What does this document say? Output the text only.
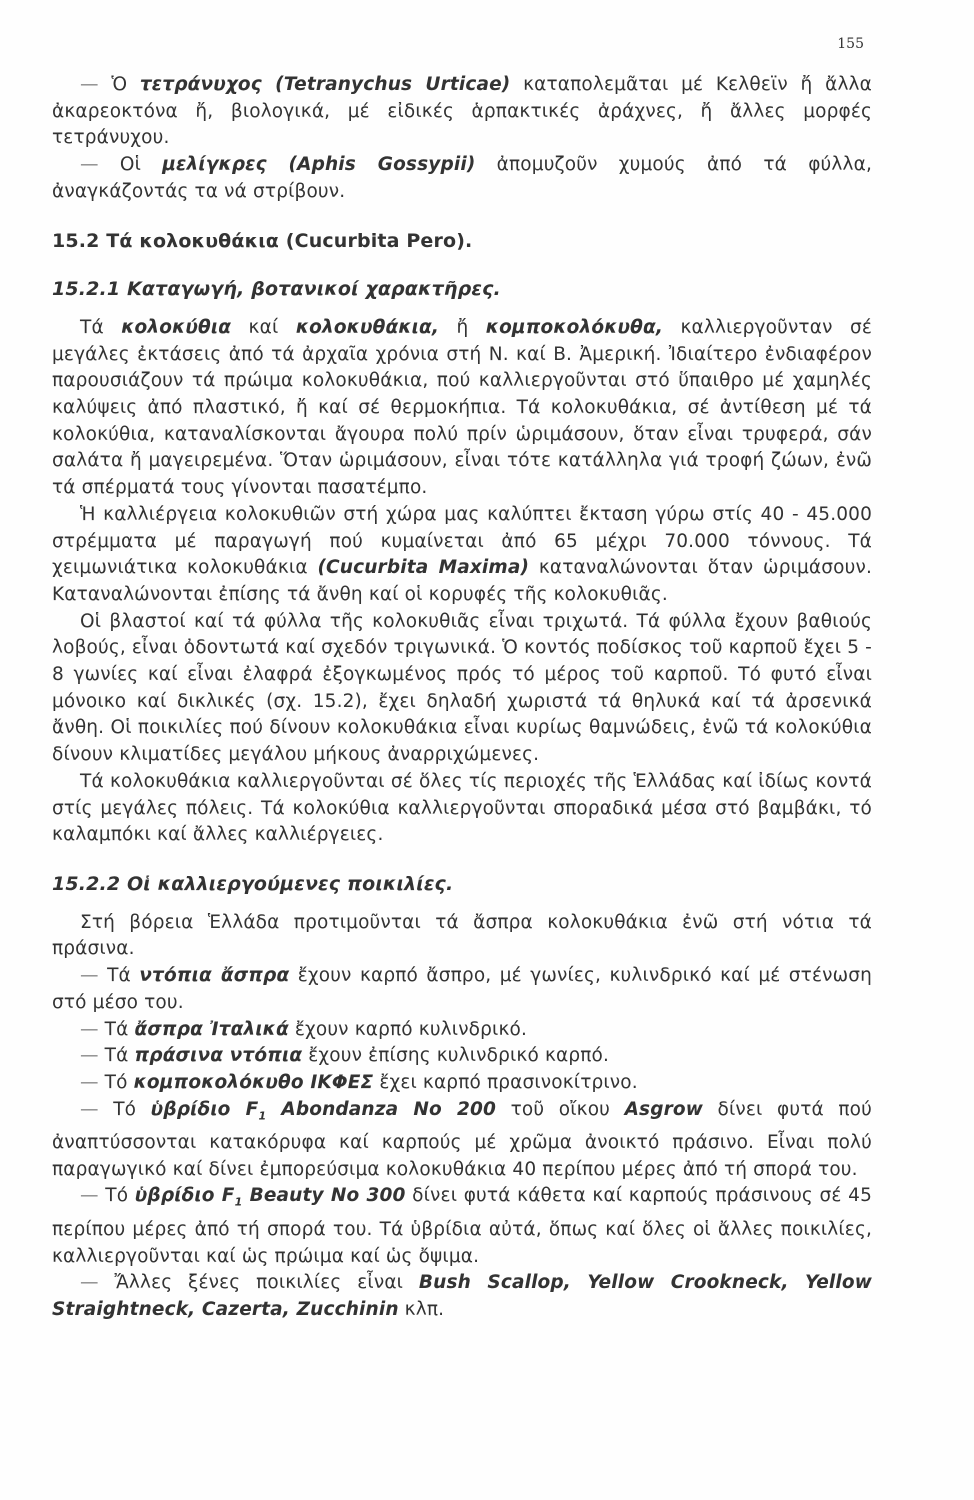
155

— Ὁ τετράνυχος (Tetranychus Urticae) καταπολεμᾶται μέ Κελθεϊν ἤ ἄλλα ἀκαρεοκτόνα ἤ, βιολογικά, μέ εἰδικές ἁρπακτικές ἀράχνες, ἤ ἄλλες μορφές τετράνυχου.

— Οἱ μελίγκρες (Aphis Gossypii) ἀπομυζοῦν χυμούς ἀπό τά φύλλα, ἀναγκάζοντάς τα νά στρίβουν.

15.2 Τά κολοκυθάκια (Cucurbita Pero).

15.2.1 Καταγωγή, βοτανικοί χαρακτῆρες.

Τά κολοκύθια καί κολοκυθάκια, ἤ κομποκολόκυθα, καλλιεργοῦνταν σέ μεγάλες ἐκτάσεις ἀπό τά ἀρχαῖα χρόνια στή Ν. καί Β. Ἀμερική. Ἰδιαίτερο ἐνδιαφέρον παρουσιάζουν τά πρώιμα κολοκυθάκια, πού καλλιεργοῦνται στό ὕπαιθρο μέ χαμηλές καλύψεις ἀπό πλαστικό, ἤ καί σέ θερμοκήπια. Τά κολοκυθάκια, σέ ἀντίθεση μέ τά κολοκύθια, καταναλίσκονται ἄγουρα πολύ πρίν ὡριμάσουν, ὅταν εἶναι τρυφερά, σάν σαλάτα ἤ μαγειρεμένα. Ὅταν ὡριμάσουν, εἶναι τότε κατάλληλα γιά τροφή ζώων, ἐνῶ τά σπέρματά τους γίνονται πασατέμπο.

Ἡ καλλιέργεια κολοκυθιῶν στή χώρα μας καλύπτει ἔκταση γύρω στίς 40 - 45.000 στρέμματα μέ παραγωγή πού κυμαίνεται ἀπό 65 μέχρι 70.000 τόννους. Τά χειμωνιάτικα κολοκυθάκια (Cucurbita Maxima) καταναλώνονται ὅταν ὡριμάσουν. Καταναλώνονται ἐπίσης τά ἄνθη καί οἱ κορυφές τῆς κολοκυθιᾶς.

Οἱ βλαστοί καί τά φύλλα τῆς κολοκυθιᾶς εἶναι τριχωτά. Τά φύλλα ἔχουν βαθιούς λοβούς, εἶναι ὀδοντωτά καί σχεδόν τριγωνικά. Ὁ κοντός ποδίσκος τοῦ καρποῦ ἔχει 5 - 8 γωνίες καί εἶναι ἐλαφρά ἐξογκωμένος πρός τό μέρος τοῦ καρποῦ. Τό φυτό εἶναι μόνοικο καί δικλικές (σχ. 15.2), ἔχει δηλαδή χωριστά τά θηλυκά καί τά ἀρσενικά ἄνθη. Οἱ ποικιλίες πού δίνουν κολοκυθάκια εἶναι κυρίως θαμνώδεις, ἐνῶ τά κολοκύθια δίνουν κλιματίδες μεγάλου μήκους ἀναρριχώμενες.

Τά κολοκυθάκια καλλιεργοῦνται σέ ὅλες τίς περιοχές τῆς Ἑλλάδας καί ἰδίως κοντά στίς μεγάλες πόλεις. Τά κολοκύθια καλλιεργοῦνται σποραδικά μέσα στό βαμβάκι, τό καλαμπόκι καί ἄλλες καλλιέργειες.

15.2.2 Οἱ καλλιεργούμενες ποικιλίες.

Στή βόρεια Ἑλλάδα προτιμοῦνται τά ἄσπρα κολοκυθάκια ἐνῶ στή νότια τά πράσινα.

— Τά ντόπια ἄσπρα ἔχουν καρπό ἄσπρο, μέ γωνίες, κυλινδρικό καί μέ στένωση στό μέσο του.

— Τά ἄσπρα Ἰταλικά ἔχουν καρπό κυλινδρικό.

— Τά πράσινα ντόπια ἔχουν ἐπίσης κυλινδρικό καρπό.

— Τό κομποκολόκυθο ΙΚΦΕΣ ἔχει καρπό πρασινοκίτρινο.

— Τό ὑβρίδιο $F_1$ Abondanza No 200 τοῦ οἴκου Asgrow δίνει φυτά πού ἀναπτύσσονται κατακόρυφα καί καρπούς μέ χρῶμα ἀνοικτό πράσινο. Εἶναι πολύ παραγωγικό καί δίνει ἐμπορεύσιμα κολοκυθάκια 40 περίπου μέρες ἀπό τή σπορά του.

— Τό ὑβρίδιο $F_1$ Beauty No 300 δίνει φυτά κάθετα καί καρπούς πράσινους σέ 45 περίπου μέρες ἀπό τή σπορά του. Τά ὑβρίδια αὐτά, ὅπως καί ὅλες οἱ ἄλλες ποικιλίες, καλλιεργοῦνται καί ὡς πρώιμα καί ὡς ὄψιμα.

— Ἄλλες ξένες ποικιλίες εἶναι Bush Scallop, Yellow Crookneck, Yellow Straightneck, Cazerta, Zucchinin κλπ.
